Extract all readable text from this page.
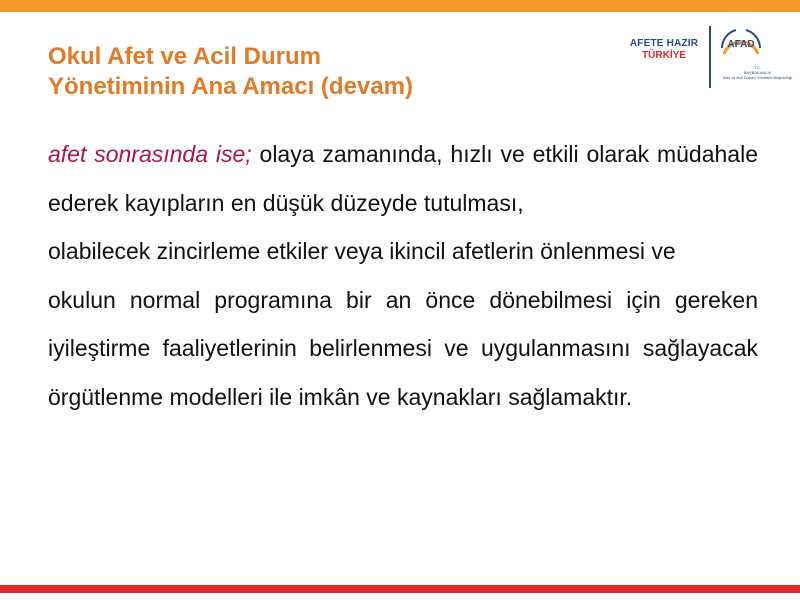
Okul Afet ve Acil Durum
Yönetiminin Ana Amacı (devam)
AFETE HAZIR
TÜRKİYE
AFAD
T.C.
BAŞBAKANLIK
Afet ve Acil Durum Yönetimi Başkanlığı
afet sonrasında ise; olaya zamanında, hızlı ve etkili olarak müdahale ederek kayıpların en düşük düzeyde tutulması,
olabilecek zincirleme etkiler veya ikincil afetlerin önlenmesi ve
okulun normal programına bir an önce dönebilmesi için gereken iyileştirme faaliyetlerinin belirlenmesi ve uygulanmasını sağlayacak örgütlenme modelleri ile imkân ve kaynakları sağlamaktır.
